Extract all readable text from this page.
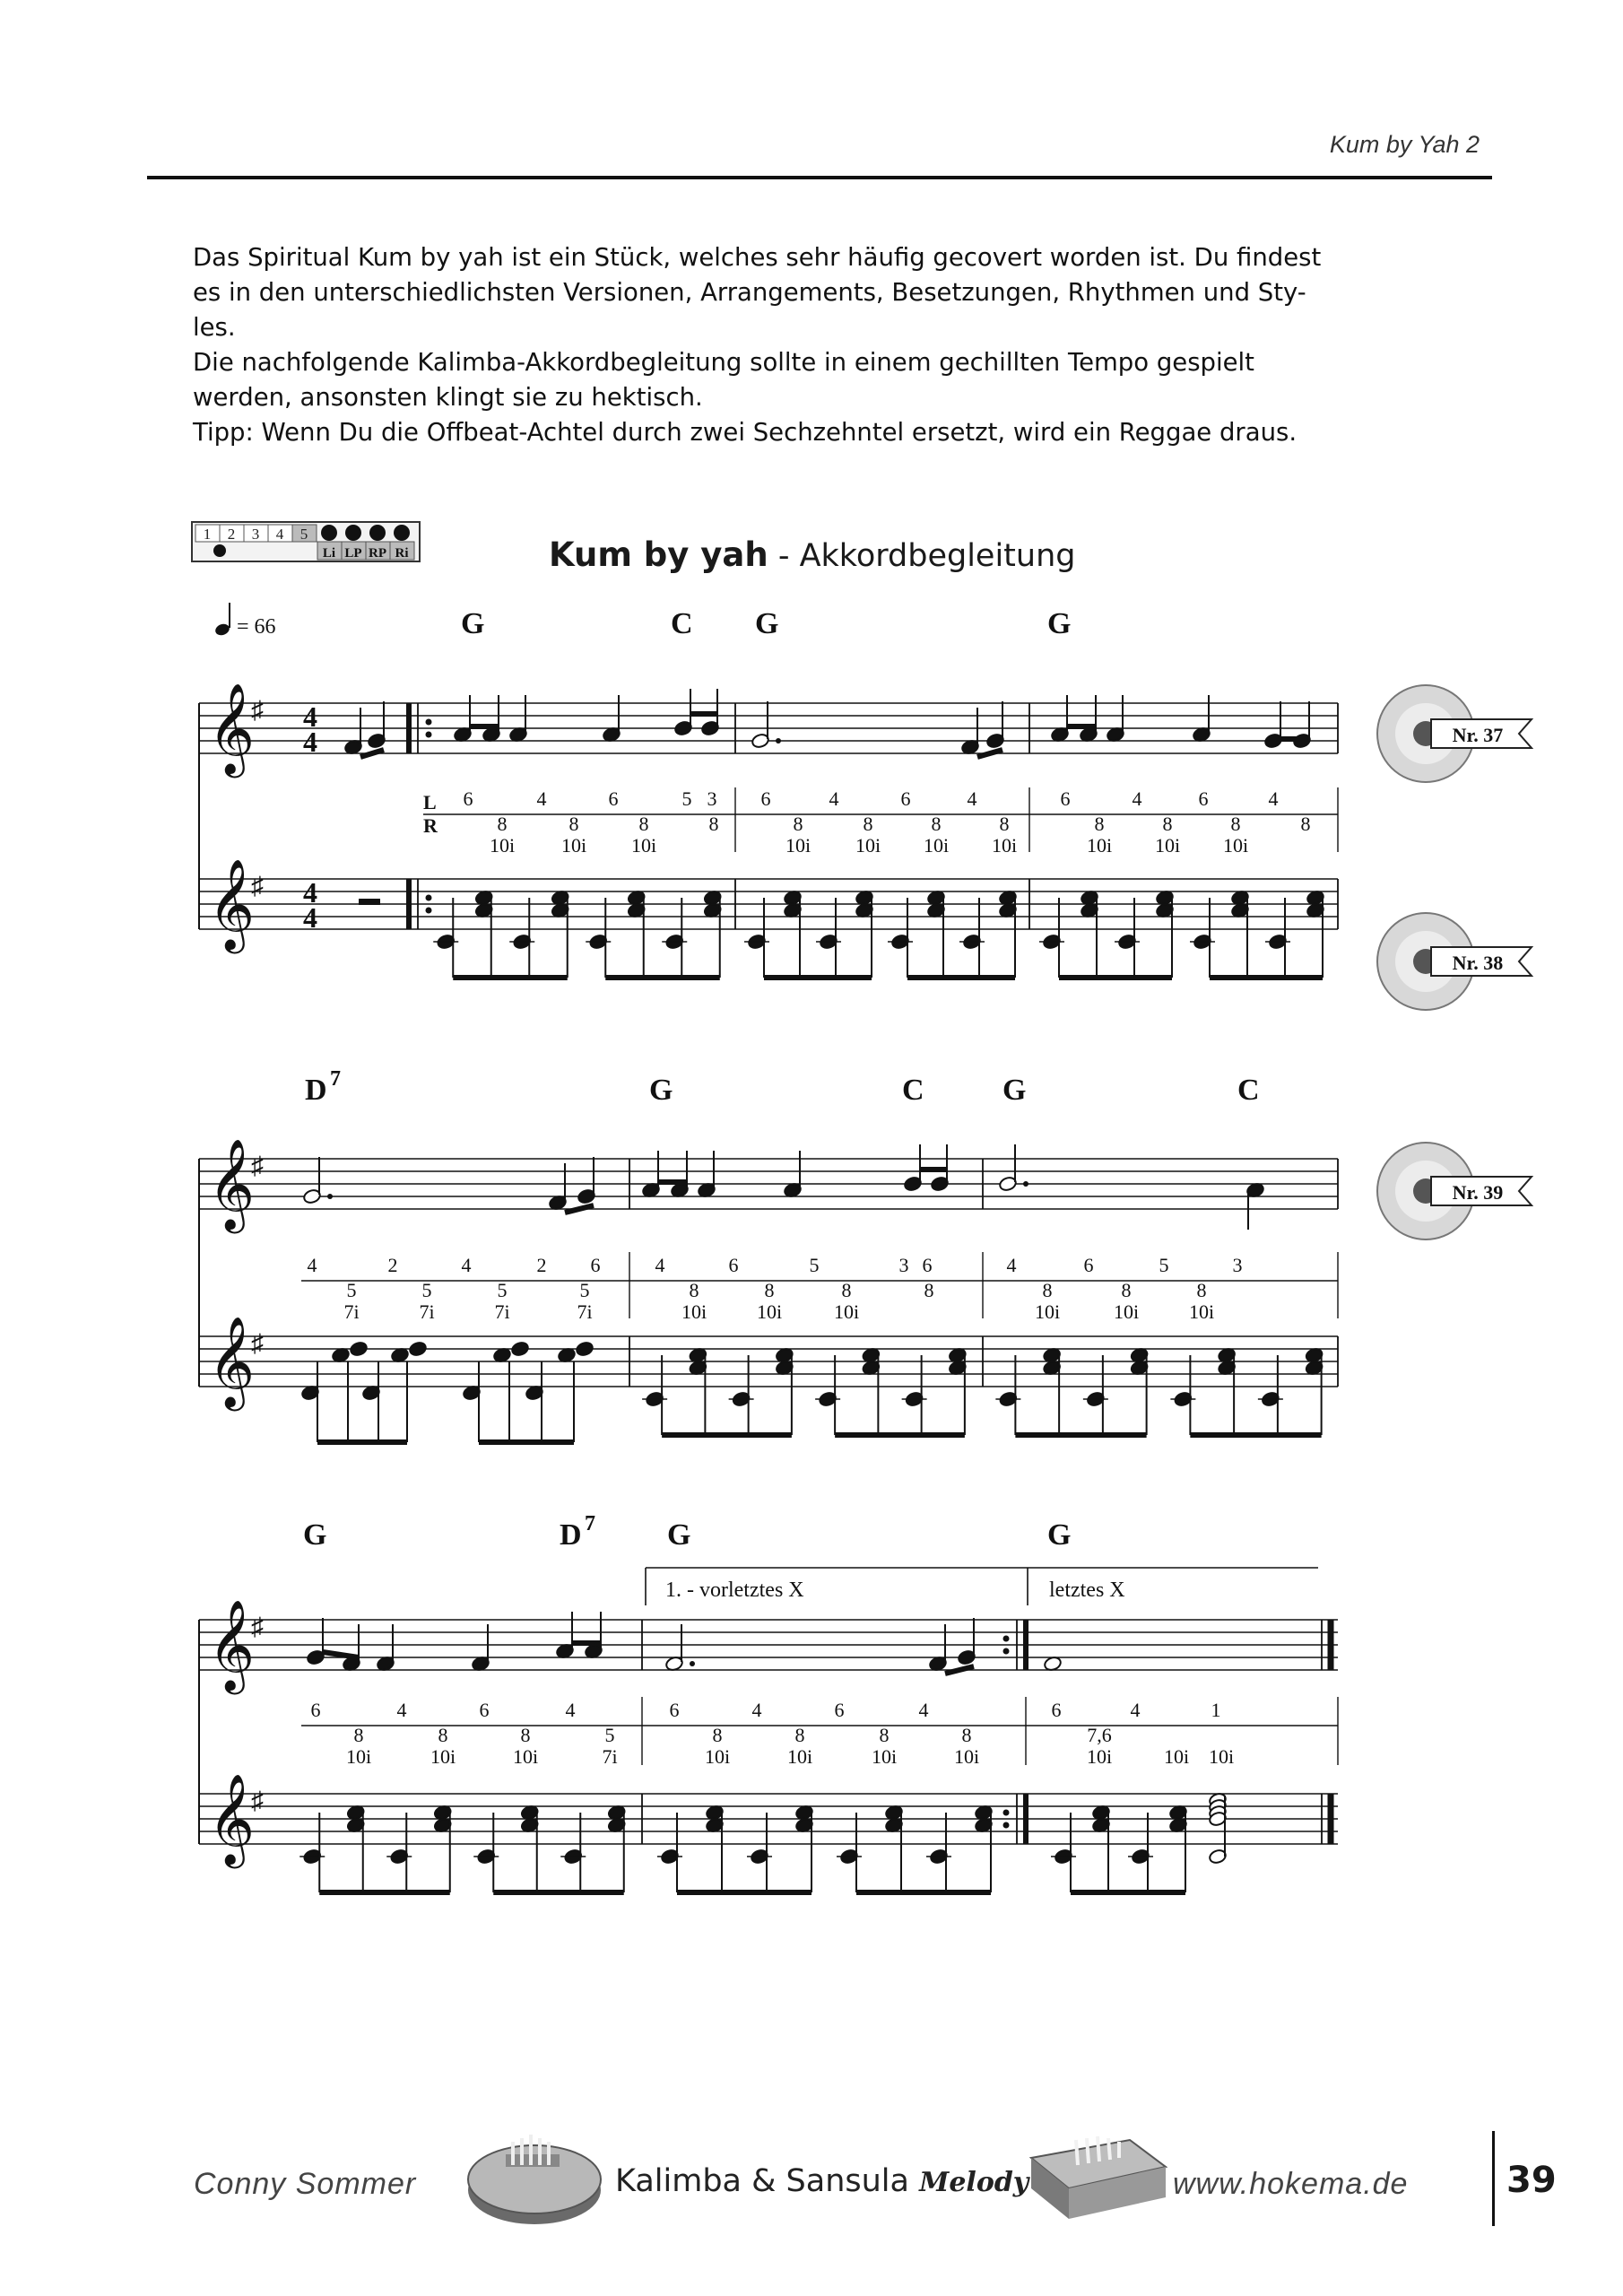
Kum by Yah 2

Das Spiritual Kum by yah ist ein Stück, welches sehr häufig gecovert worden ist. Du findest

es in den unterschiedlichsten Versionen, Arrangements, Besetzungen, Rhythmen und Sty-

les.

Die nachfolgende Kalimba-Akkordbegleitung sollte in einem gechillten Tempo gespielt

werden, ansonsten klingt sie zu hektisch.

Tipp: Wenn Du die Offbeat-Achtel durch zwei Sechzehntel ersetzt, wird ein Reggae draus.

1 2 3 4 5
Li LP RP Ri	Kum by yah - Akkordbegleitung
= 66	G	C G	G
𝄞
♯
𝄞
♯
4
4
4
4
L
R
6	4	6	5 3 6	4	6	4	6	4	6	4
8	8	8	8	8	8	8	8	8	8	8	8
10i 10i 10i	10i 10i 10i 10i	10i 10i 10i
Nr. 37
Nr. 38
D 7	G	C	G	C
𝄞
♯
𝄞
♯
4	2	4	2 6	4	6	5	3 6	4	6	5	3
5	5	5	5	8	8	8	8	8	8	8
7i	7i	7i	7i	10i	10i	10i	10i	10i	10i
Nr. 39
G	D 7 G	G
1. - vorletztes X	letztes X
𝄞
♯
𝄞
♯
6	4	6	4	6	4	6	4	6	4	1
8	8	8	5	8	8	8	8	7,6
10i	10i	10i	7i	10i	10i	10i	10i	10i	10i 10i
Conny Sommer	Kalimba & Sansula Melody	www.hokema.de	39
